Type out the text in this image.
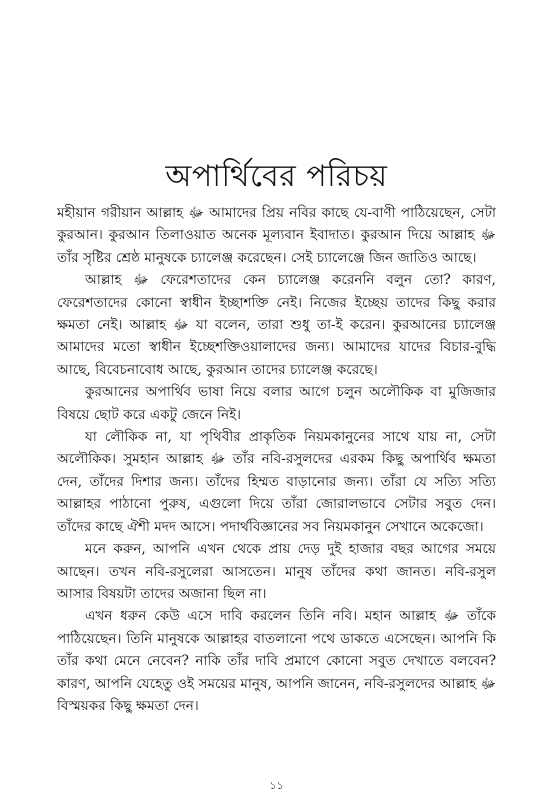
অপার্থিবের পরিচয়

মহীয়ান গরীয়ান আল্লাহ ﷻ আমাদের প্রিয় নবির কাছে যে-বাণী পাঠিয়েছেন, সেটা কুরআন। কুরআন তিলাওয়াত অনেক মূল্যবান ইবাদাত। কুরআন দিয়ে আল্লাহ ﷻ তাঁর সৃষ্টির শ্রেষ্ঠ মানুষকে চ্যালেঞ্জ করেছেন। সেই চ্যালেঞ্জে জিন জাতিও আছে।

আল্লাহ ﷻ ফেরেশতাদের কেন চ্যালেঞ্জ করেননি বলুন তো? কারণ, ফেরেশতাদের কোনো স্বাধীন ইচ্ছাশক্তি নেই। নিজের ইচ্ছেয় তাদের কিছু করার ক্ষমতা নেই। আল্লাহ ﷻ যা বলেন, তারা শুধু তা-ই করেন। কুরআনের চ্যালেঞ্জ আমাদের মতো স্বাধীন ইচ্ছেশক্তিওয়ালাদের জন্য। আমাদের যাদের বিচার-বুদ্ধি আছে, বিবেচনাবোধ আছে, কুরআন তাদের চ্যালেঞ্জ করেছে।

কুরআনের অপার্থিব ভাষা নিয়ে বলার আগে চলুন অলৌকিক বা মুজিজার বিষয়ে ছোট করে একটু জেনে নিই।

যা লৌকিক না, যা পৃথিবীর প্রাকৃতিক নিয়মকানুনের সাথে যায় না, সেটা অলৌকিক। সুমহান আল্লাহ ﷻ তাঁর নবি-রসুলদের এরকম কিছু অপার্থিব ক্ষমতা দেন, তাঁদের দিশার জন্য। তাঁদের হিম্মত বাড়ানোর জন্য। তাঁরা যে সত্যি সত্যি আল্লাহর পাঠানো পুরুষ, এগুলো দিয়ে তাঁরা জোরালভাবে সেটার সবুত দেন। তাঁদের কাছে ঐশী মদদ আসে। পদার্থবিজ্ঞানের সব নিয়মকানুন সেখানে অকেজো।

মনে করুন, আপনি এখন থেকে প্রায় দেড় দুই হাজার বছর আগের সময়ে আছেন। তখন নবি-রসুলেরা আসতেন। মানুষ তাঁদের কথা জানত। নবি-রসুল আসার বিষয়টা তাদের অজানা ছিল না।

এখন ধরুন কেউ এসে দাবি করলেন তিনি নবি। মহান আল্লাহ ﷻ তাঁকে পাঠিয়েছেন। তিনি মানুষকে আল্লাহর বাতলানো পথে ডাকতে এসেছেন। আপনি কি তাঁর কথা মেনে নেবেন? নাকি তাঁর দাবি প্রমাণে কোনো সবুত দেখাতে বলবেন? কারণ, আপনি যেহেতু ওই সময়ের মানুষ, আপনি জানেন, নবি-রসুলদের আল্লাহ ﷻ বিস্ময়কর কিছু ক্ষমতা দেন।

১১
